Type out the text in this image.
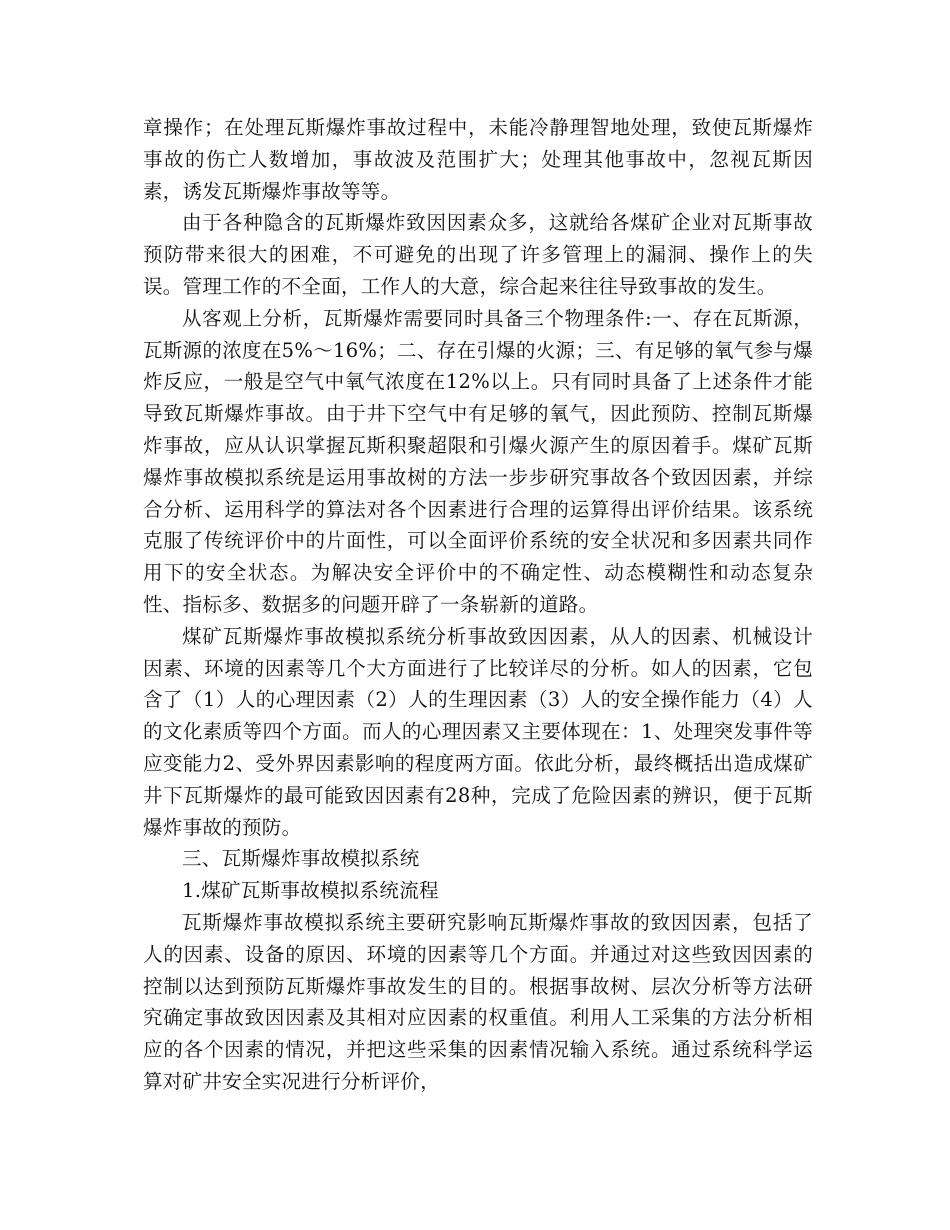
章操作；在处理瓦斯爆炸事故过程中，未能冷静理智地处理，致使瓦斯爆炸事故的伤亡人数增加，事故波及范围扩大；处理其他事故中，忽视瓦斯因素，诱发瓦斯爆炸事故等等。

由于各种隐含的瓦斯爆炸致因因素众多，这就给各煤矿企业对瓦斯事故预防带来很大的困难，不可避免的出现了许多管理上的漏洞、操作上的失误。管理工作的不全面，工作人的大意，综合起来往往导致事故的发生。

从客观上分析，瓦斯爆炸需要同时具备三个物理条件:一、存在瓦斯源，瓦斯源的浓度在5%～16%；二、存在引爆的火源；三、有足够的氧气参与爆炸反应，一般是空气中氧气浓度在12%以上。只有同时具备了上述条件才能导致瓦斯爆炸事故。由于井下空气中有足够的氧气，因此预防、控制瓦斯爆炸事故，应从认识掌握瓦斯积聚超限和引爆火源产生的原因着手。煤矿瓦斯爆炸事故模拟系统是运用事故树的方法一步步研究事故各个致因因素，并综合分析、运用科学的算法对各个因素进行合理的运算得出评价结果。该系统克服了传统评价中的片面性，可以全面评价系统的安全状况和多因素共同作用下的安全状态。为解决安全评价中的不确定性、动态模糊性和动态复杂性、指标多、数据多的问题开辟了一条崭新的道路。

煤矿瓦斯爆炸事故模拟系统分析事故致因因素，从人的因素、机械设计因素、环境的因素等几个大方面进行了比较详尽的分析。如人的因素，它包含了（1）人的心理因素（2）人的生理因素（3）人的安全操作能力（4）人的文化素质等四个方面。而人的心理因素又主要体现在：1、处理突发事件等应变能力2、受外界因素影响的程度两方面。依此分析，最终概括出造成煤矿井下瓦斯爆炸的最可能致因因素有28种，完成了危险因素的辨识，便于瓦斯爆炸事故的预防。

三、瓦斯爆炸事故模拟系统

1.煤矿瓦斯事故模拟系统流程

瓦斯爆炸事故模拟系统主要研究影响瓦斯爆炸事故的致因因素，包括了人的因素、设备的原因、环境的因素等几个方面。并通过对这些致因因素的控制以达到预防瓦斯爆炸事故发生的目的。根据事故树、层次分析等方法研究确定事故致因因素及其相对应因素的权重值。利用人工采集的方法分析相应的各个因素的情况，并把这些采集的因素情况输入系统。通过系统科学运算对矿井安全实况进行分析评价，
